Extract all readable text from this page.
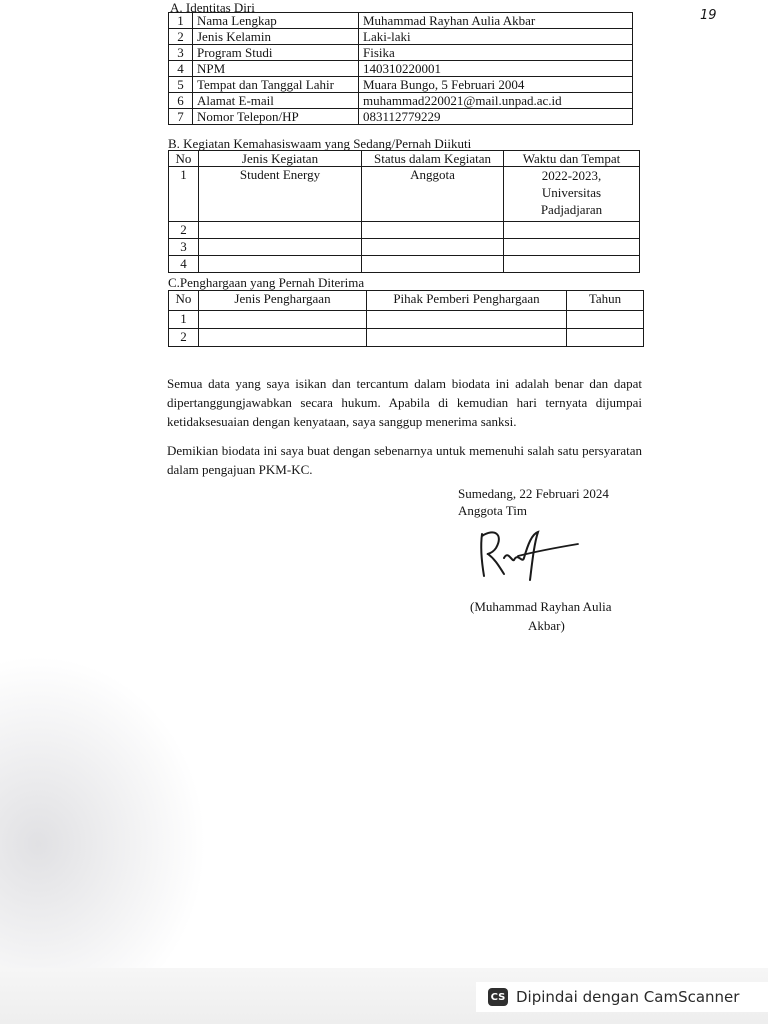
19
A. Identitas Diri
1	Nama Lengkap	Muhammad Rayhan Aulia Akbar
2	Jenis Kelamin	Laki-laki
3	Program Studi	Fisika
4	NPM	140310220001
5	Tempat dan Tanggal Lahir	Muara Bungo, 5 Februari 2004
6	Alamat E-mail	muhammad220021@mail.unpad.ac.id
7	Nomor Telepon/HP	083112779229
B. Kegiatan Kemahasiswaam yang Sedang/Pernah Diikuti
No	Jenis Kegiatan	Status dalam Kegiatan	Waktu dan Tempat
1	Student Energy	Anggota	2022-2023,
Universitas
Padjadjaran

2			
3			
4			
C.Penghargaan yang Pernah Diterima
No	Jenis Penghargaan	Pihak Pemberi Penghargaan	Tahun
1			
2			
Semua data yang saya isikan dan tercantum dalam biodata ini adalah benar dan dapat dipertanggungjawabkan secara hukum. Apabila di kemudian hari ternyata dijumpai ketidaksesuaian dengan kenyataan, saya sanggup menerima sanksi.
Demikian biodata ini saya buat dengan sebenarnya untuk memenuhi salah satu persyaratan dalam pengajuan PKM-KC.
Sumedang, 22 Februari 2024
Anggota Tim
(Muhammad Rayhan Aulia
Akbar)
CS Dipindai dengan CamScanner
